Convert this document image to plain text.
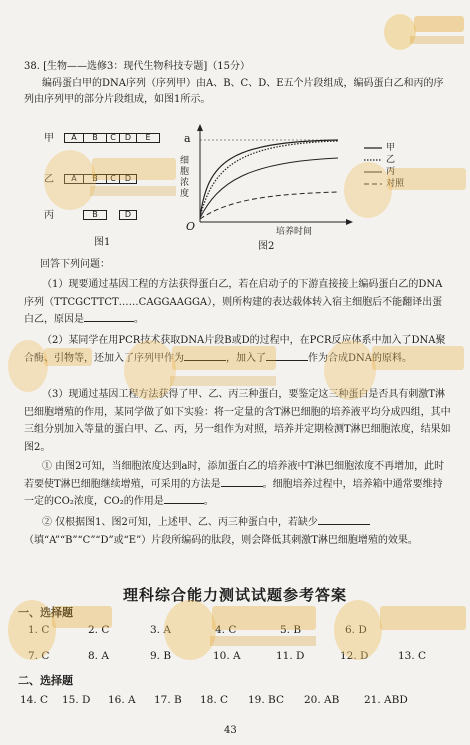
38. [生物——选修3：现代生物科技专题]（15分）
编码蛋白甲的DNA序列（序列甲）由A、B、C、D、E五个片段组成，编码蛋白乙和丙的序列由序列甲的部分片段组成，如图1所示。
甲	A	B	C	D	E
乙	A	B	C	D
丙	B	D
图1
a
O
细胞浓度
培养时间
甲
乙
丙
对照
图2
回答下列问题：
（1）现要通过基因工程的方法获得蛋白乙，若在启动子的下游直接接上编码蛋白乙的DNA序列（TTCGCTTCT……CAGGAAGGA），则所构建的表达载体转入宿主细胞后不能翻译出蛋白乙，原因是	。
（2）某同学在用PCR技术获取DNA片段B或D的过程中，在PCR反应体系中加入了DNA聚合酶、引物等，还加入了序列甲作为	，加入了	作为合成DNA的原料。
（3）现通过基因工程方法获得了甲、乙、丙三种蛋白，要鉴定这三种蛋白是否具有刺激T淋巴细胞增殖的作用，某同学做了如下实验：将一定量的含T淋巴细胞的培养液平均分成四组，其中三组分别加入等量的蛋白甲、乙、丙，另一组作为对照，培养并定期检测T淋巴细胞浓度，结果如图2。
① 由图2可知，当细胞浓度达到a时，添加蛋白乙的培养液中T淋巴细胞浓度不再增加，此时若要使T淋巴细胞继续增殖，可采用的方法是	。细胞培养过程中，培养箱中通常要维持一定的CO₂浓度，CO₂的作用是	。
② 仅根据图1、图2可知，上述甲、乙、丙三种蛋白中，若缺少（填“A”“B”“C”“D”或“E”）片段所编码的肽段，则会降低其刺激T淋巴细胞增殖的效果。
理科综合能力测试试题参考答案
一、选择题
1. C	2. C	3. A	4. C	5. B	6. D
7. C	8. A	9. B	10. A	11. D	12. D	13. C
二、选择题
14. C 15. D 16. A 17. B 18. C 19. BC 20. AB 21. ABD
43
